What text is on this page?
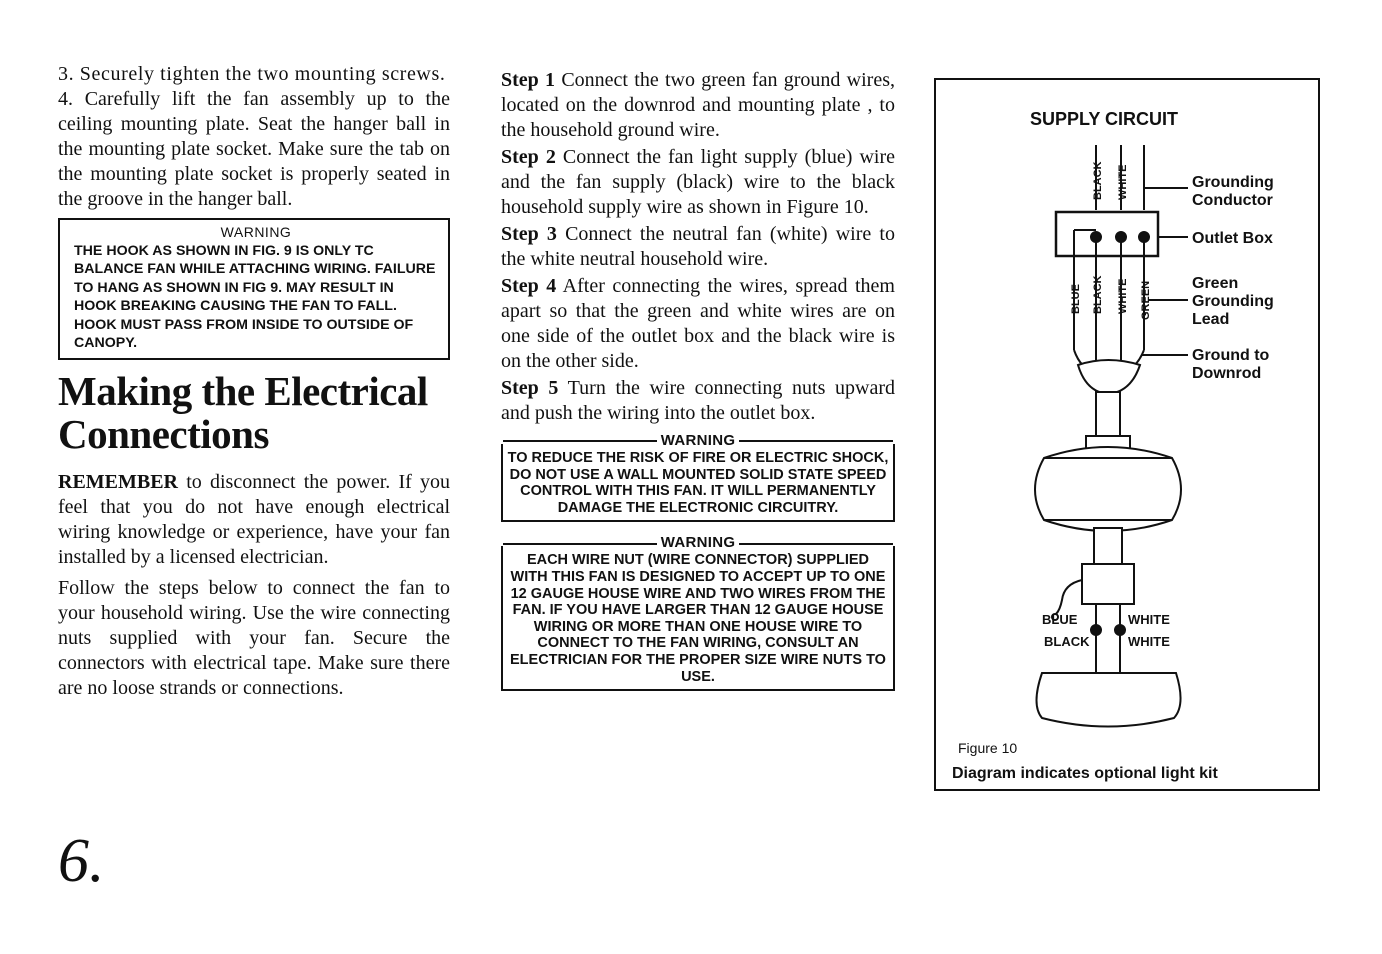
3. Securely tighten the two mounting screws.

4. Carefully lift the fan assembly up to the ceiling mounting plate. Seat the hanger ball in the mounting plate socket. Make sure the tab on the mounting plate socket is properly seated in the groove in the hanger ball.

WARNING
THE HOOK AS SHOWN IN FIG. 9 IS ONLY TC BALANCE FAN WHILE ATTACHING WIRING. FAILURE TO HANG AS SHOWN IN FIG 9. MAY RESULT IN HOOK BREAKING CAUSING THE FAN TO FALL. HOOK MUST PASS FROM INSIDE TO OUTSIDE OF CANOPY.
Making the Electrical Connections

REMEMBER to disconnect the power. If you feel that you do not have enough electrical wiring knowledge or experience, have your fan installed by a licensed electrician.

Follow the steps below to connect the fan to your household wiring. Use the wire connecting nuts supplied with your fan. Secure the connectors with electrical tape. Make sure there are no loose strands or connections.

6.

Step 1 Connect the two green fan ground wires, located on the downrod and mounting plate , to the household ground wire.

Step 2 Connect the fan light supply (blue) wire and the fan supply (black) wire to the black household supply wire as shown in Figure 10.

Step 3 Connect the neutral fan (white) wire to the white neutral household wire.

Step 4 After connecting the wires, spread them apart so that the green and white wires are on one side of the outlet box and the black wire is on the other side.

Step 5 Turn the wire connecting nuts upward and push the wiring into the outlet box.

WARNING
TO REDUCE THE RISK OF FIRE OR ELECTRIC SHOCK, DO NOT USE A WALL MOUNTED SOLID STATE SPEED CONTROL WITH THIS FAN. IT WILL PERMANENTLY DAMAGE THE ELECTRONIC CIRCUITRY.
WARNING
EACH WIRE NUT (WIRE CONNECTOR) SUPPLIED WITH THIS FAN IS DESIGNED TO ACCEPT UP TO ONE 12 GAUGE HOUSE WIRE AND TWO WIRES FROM THE FAN. IF YOU HAVE LARGER THAN 12 GAUGE HOUSE WIRING OR MORE THAN ONE HOUSE WIRE TO CONNECT TO THE FAN WIRING, CONSULT AN ELECTRICIAN FOR THE PROPER SIZE WIRE NUTS TO USE.
SUPPLY CIRCUIT
BLACK WHITE
BLUE BLACK WHITE GREEN
Grounding Conductor
Outlet Box
Green Grounding Lead
Ground to Downrod
BLUE
BLACK
WHITE
WHITE
Figure 10
Diagram indicates optional light kit
